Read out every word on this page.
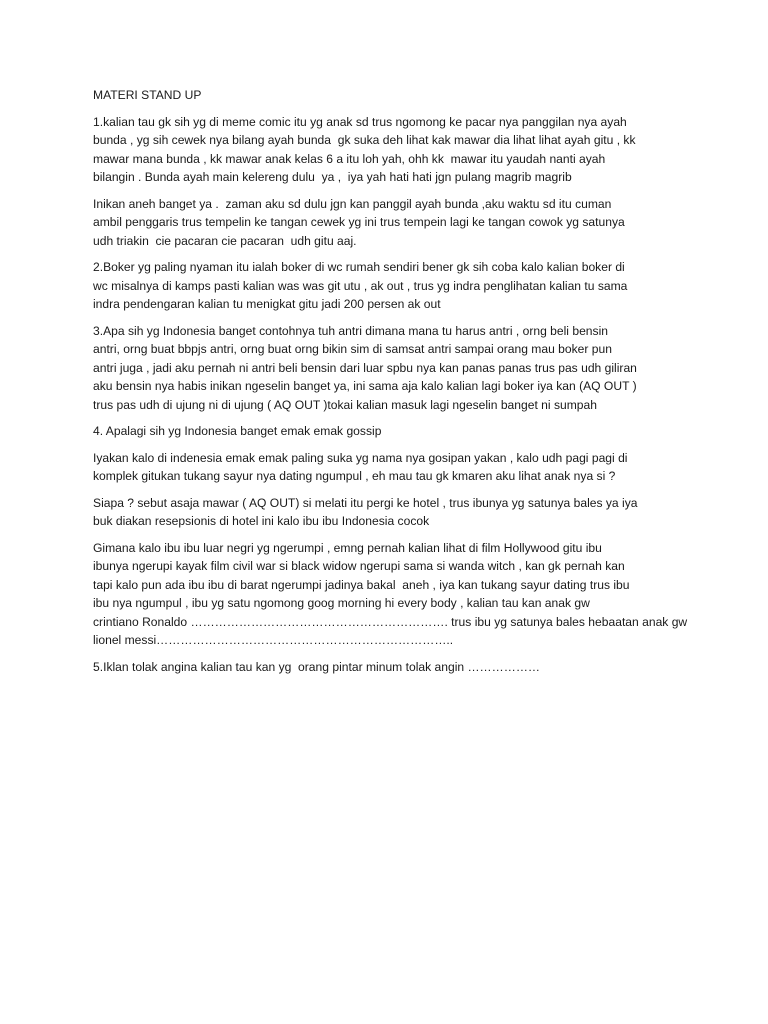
MATERI STAND UP
1.kalian tau gk sih yg di meme comic itu yg anak sd trus ngomong ke pacar nya panggilan nya ayah
bunda , yg sih cewek nya bilang ayah bunda  gk suka deh lihat kak mawar dia lihat lihat ayah gitu , kk
mawar mana bunda , kk mawar anak kelas 6 a itu loh yah, ohh kk  mawar itu yaudah nanti ayah
bilangin . Bunda ayah main kelereng dulu  ya ,  iya yah hati hati jgn pulang magrib magrib
Inikan aneh banget ya .  zaman aku sd dulu jgn kan panggil ayah bunda ,aku waktu sd itu cuman
ambil penggaris trus tempelin ke tangan cewek yg ini trus tempein lagi ke tangan cowok yg satunya
udh triakin  cie pacaran cie pacaran  udh gitu aaj.
2.Boker yg paling nyaman itu ialah boker di wc rumah sendiri bener gk sih coba kalo kalian boker di
wc misalnya di kamps pasti kalian was was git utu , ak out , trus yg indra penglihatan kalian tu sama
indra pendengaran kalian tu menigkat gitu jadi 200 persen ak out
3.Apa sih yg Indonesia banget contohnya tuh antri dimana mana tu harus antri , orng beli bensin
antri, orng buat bbpjs antri, orng buat orng bikin sim di samsat antri sampai orang mau boker pun
antri juga , jadi aku pernah ni antri beli bensin dari luar spbu nya kan panas panas trus pas udh giliran
aku bensin nya habis inikan ngeselin banget ya, ini sama aja kalo kalian lagi boker iya kan (AQ OUT )
trus pas udh di ujung ni di ujung ( AQ OUT )tokai kalian masuk lagi ngeselin banget ni sumpah
4. Apalagi sih yg Indonesia banget emak emak gossip
Iyakan kalo di indenesia emak emak paling suka yg nama nya gosipan yakan , kalo udh pagi pagi di
komplek gitukan tukang sayur nya dating ngumpul , eh mau tau gk kmaren aku lihat anak nya si ?
Siapa ? sebut asaja mawar ( AQ OUT) si melati itu pergi ke hotel , trus ibunya yg satunya bales ya iya
buk diakan resepsionis di hotel ini kalo ibu ibu Indonesia cocok
Gimana kalo ibu ibu luar negri yg ngerumpi , emng pernah kalian lihat di film Hollywood gitu ibu
ibunya ngerupi kayak film civil war si black widow ngerupi sama si wanda witch , kan gk pernah kan
tapi kalo pun ada ibu ibu di barat ngerumpi jadinya bakal  aneh , iya kan tukang sayur dating trus ibu
ibu nya ngumpul , ibu yg satu ngomong goog morning hi every body , kalian tau kan anak gw
crintiano Ronaldo ………………………………………………………. trus ibu yg satunya bales hebaatan anak gw
lionel messi………………………………………………………………..
5.Iklan tolak angina kalian tau kan yg  orang pintar minum tolak angin ………………
